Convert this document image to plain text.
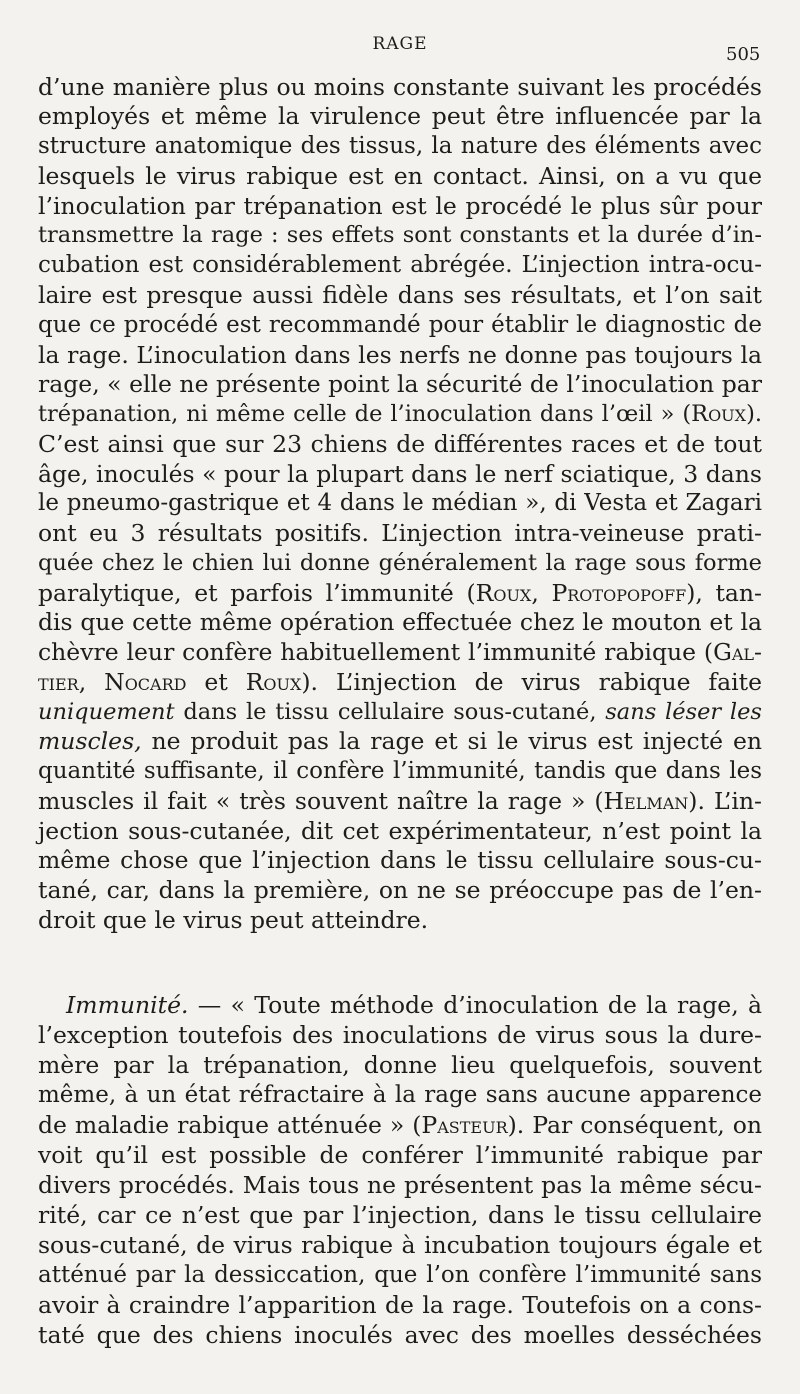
RAGE	505
d’une manière plus ou moins constante suivant les procédés
employés et même la virulence peut être influencée par la
structure anatomique des tissus, la nature des éléments avec
lesquels le virus rabique est en contact. Ainsi, on a vu que
l’inoculation par trépanation est le procédé le plus sûr pour
transmettre la rage : ses effets sont constants et la durée d’in-
cubation est considérablement abrégée. L’injection intra-ocu-
laire est presque aussi fidèle dans ses résultats, et l’on sait
que ce procédé est recommandé pour établir le diagnostic de
la rage. L’inoculation dans les nerfs ne donne pas toujours la
rage, « elle ne présente point la sécurité de l’inoculation par
trépanation, ni même celle de l’inoculation dans l’œil » (Roux).
C’est ainsi que sur 23 chiens de différentes races et de tout
âge, inoculés « pour la plupart dans le nerf sciatique, 3 dans
le pneumo-gastrique et 4 dans le médian », di Vesta et Zagari
ont eu 3 résultats positifs. L’injection intra-veineuse prati-
quée chez le chien lui donne généralement la rage sous forme
paralytique, et parfois l’immunité (Roux, Protopopoff), tan-
dis que cette même opération effectuée chez le mouton et la
chèvre leur confère habituellement l’immunité rabique (Gal-
tier, Nocard et Roux). L’injection de virus rabique faite
uniquement dans le tissu cellulaire sous-cutané, sans léser les
muscles, ne produit pas la rage et si le virus est injecté en
quantité suffisante, il confère l’immunité, tandis que dans les
muscles il fait « très souvent naître la rage » (Helman). L’in-
jection sous-cutanée, dit cet expérimentateur, n’est point la
même chose que l’injection dans le tissu cellulaire sous-cu-
tané, car, dans la première, on ne se préoccupe pas de l’en-
droit que le virus peut atteindre.
Immunité. — « Toute méthode d’inoculation de la rage, à
l’exception toutefois des inoculations de virus sous la dure-
mère par la trépanation, donne lieu quelquefois, souvent
même, à un état réfractaire à la rage sans aucune apparence
de maladie rabique atténuée » (Pasteur). Par conséquent, on
voit qu’il est possible de conférer l’immunité rabique par
divers procédés. Mais tous ne présentent pas la même sécu-
rité, car ce n’est que par l’injection, dans le tissu cellulaire
sous-cutané, de virus rabique à incubation toujours égale et
atténué par la dessiccation, que l’on confère l’immunité sans
avoir à craindre l’apparition de la rage. Toutefois on a cons-
taté que des chiens inoculés avec des moelles desséchées
